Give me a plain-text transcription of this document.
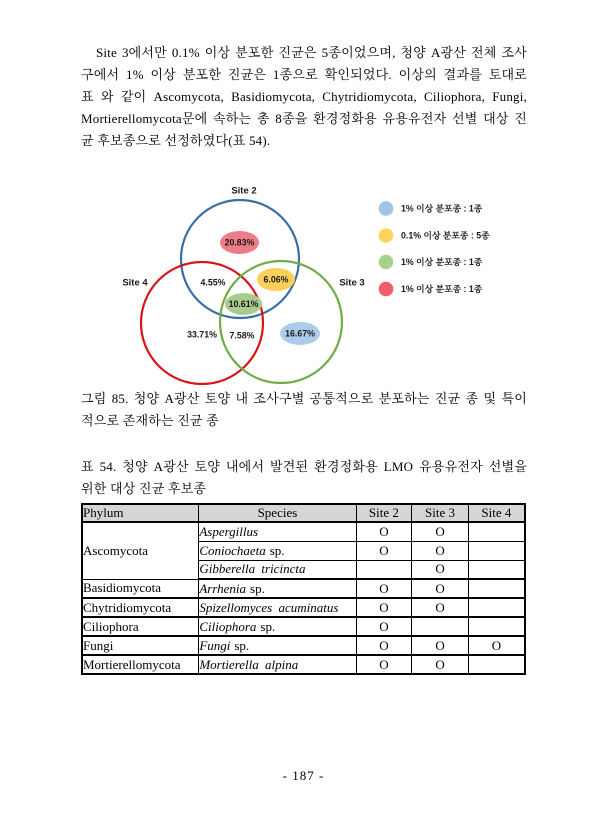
Site 3에서만 0.1% 이상 분포한 진균은 5종이었으며, 청양 A광산 전체 조사
구에서 1% 이상 분포한 진균은 1종으로 확인되었다. 이상의 결과를 토대로
표 와 같이 Ascomycota, Basidiomycota, Chytridiomycota, Ciliophora, Fungi,
Mortierellomycota문에 속하는 총 8종을 환경정화용 유용유전자 선별 대상 진
균 후보종으로 선정하였다(표 54).
Site 2
Site 4	Site 3
20.83%
6.06%
10.61%
16.67%
4.55%
33.71% 7.58%
1% 이상 분포종 : 1종
0.1% 이상 분포종 : 5종
1% 이상 분포종 : 1종
1% 이상 분포종 : 1종
그림 85. 청양 A광산 토양 내 조사구별 공통적으로 분포하는 진균 종 및 특이
적으로 존재하는 진균 종
표 54. 청양 A광산 토양 내에서 발견된 환경정화용 LMO 유용유전자 선별을
위한 대상 진균 후보종
Phylum	Species	Site 2	Site 3	Site 4
Ascomycota	Aspergillus	O	O	
	Coniochaeta sp.	O	O	
	Gibberella tricincta		O	
Basidiomycota	Arrhenia sp.	O	O	
Chytridiomycota	Spizellomyces acuminatus	O	O	
Ciliophora	Ciliophora sp.	O		
Fungi	Fungi sp.	O	O	O
Mortierellomycota	Mortierella alpina	O	O	
- 187 -
